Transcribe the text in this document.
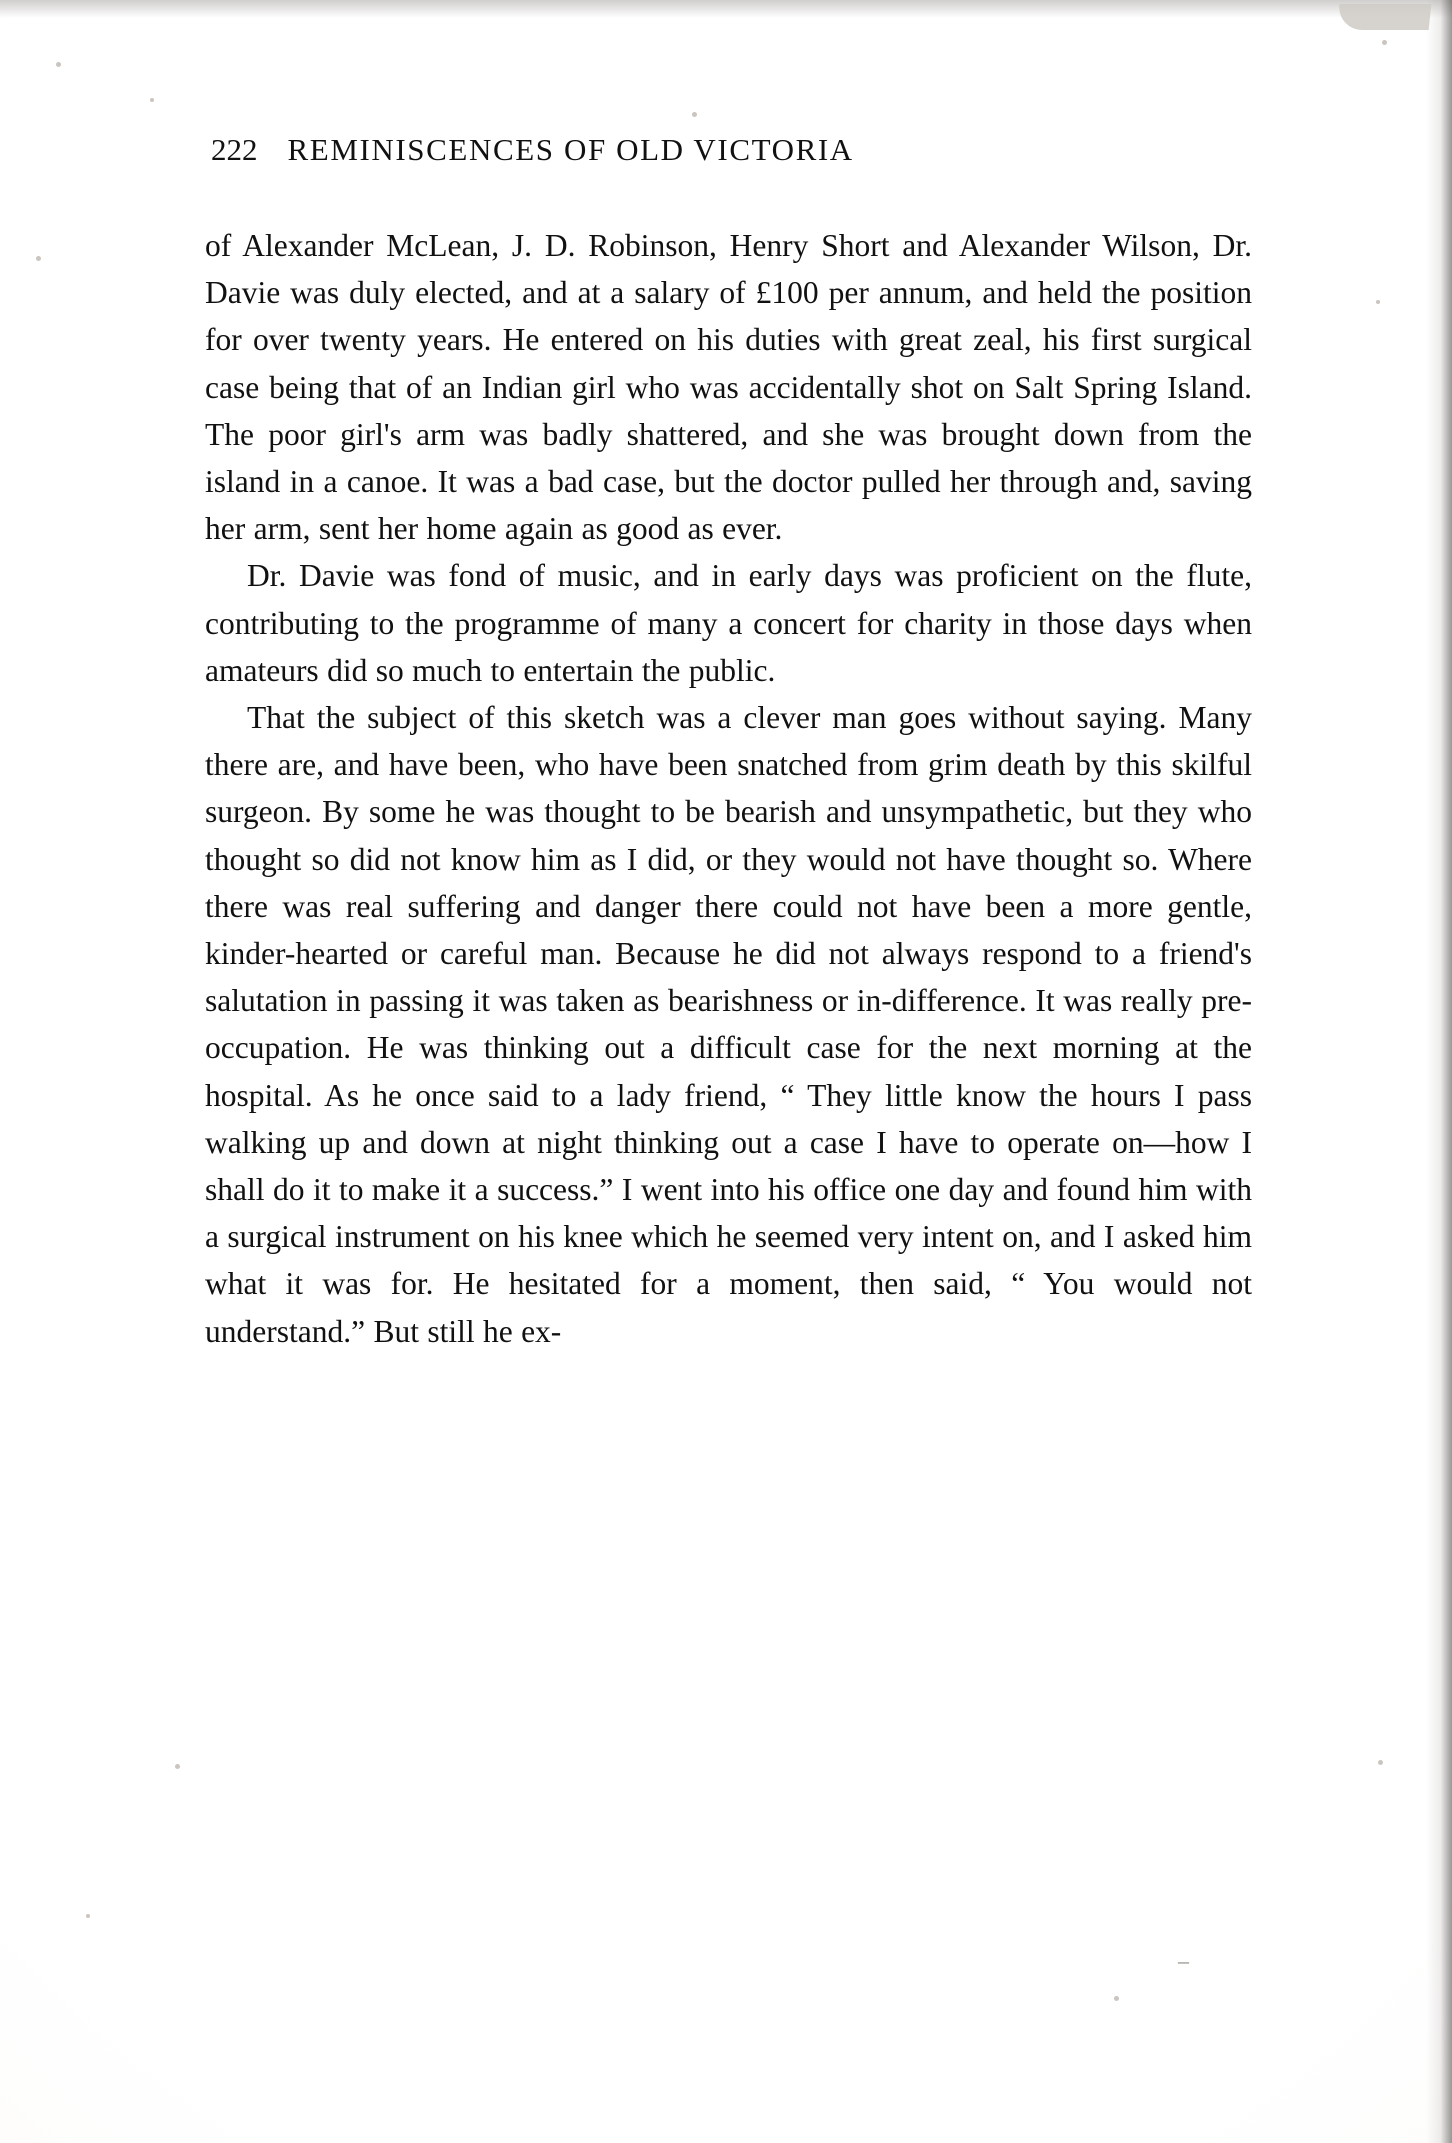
–
222 REMINISCENCES OF OLD VICTORIA

of Alexander McLean, J. D. Robinson, Henry Short and Alexander Wilson, Dr. Davie was duly elected, and at a salary of £100 per annum, and held the position for over twenty years. He entered on his duties with great zeal, his first surgical case being that of an Indian girl who was accidentally shot on Salt Spring Island. The poor girl's arm was badly shattered, and she was brought down from the island in a canoe. It was a bad case, but the doctor pulled her through and, saving her arm, sent her home again as good as ever.

Dr. Davie was fond of music, and in early days was proficient on the flute, contributing to the programme of many a concert for charity in those days when amateurs did so much to entertain the public.

That the subject of this sketch was a clever man goes without saying. Many there are, and have been, who have been snatched from grim death by this skilful surgeon. By some he was thought to be bearish and unsympathetic, but they who thought so did not know him as I did, or they would not have thought so. Where there was real suffering and danger there could not have been a more gentle, kinder-hearted or careful man. Because he did not always respond to a friend's salutation in passing it was taken as bearishness or in-difference. It was really pre-occupation. He was thinking out a difficult case for the next morning at the hospital. As he once said to a lady friend, “ They little know the hours I pass walking up and down at night thinking out a case I have to operate on—how I shall do it to make it a success.” I went into his office one day and found him with a surgical instrument on his knee which he seemed very intent on, and I asked him what it was for. He hesitated for a moment, then said, “ You would not understand.” But still he ex-
